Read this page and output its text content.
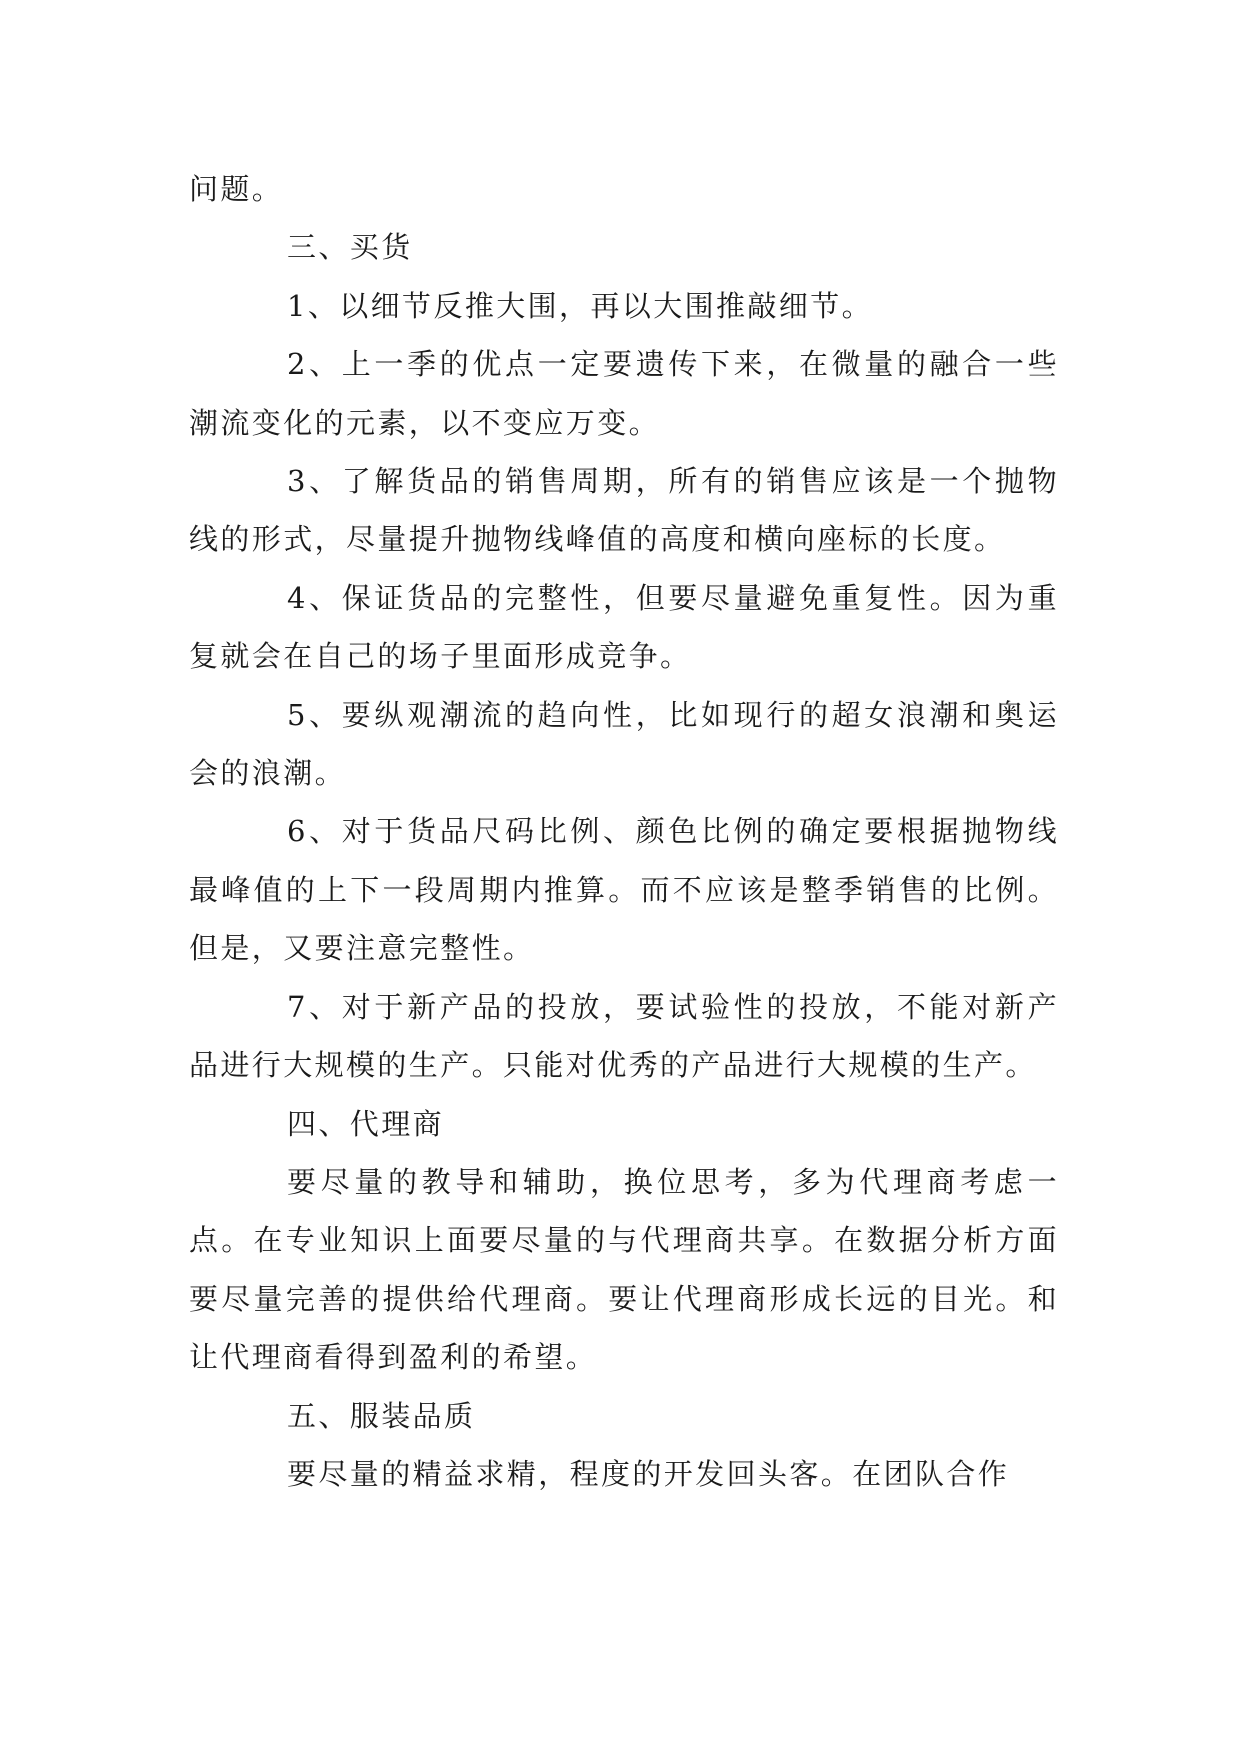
问题。

三、买货

1、以细节反推大围，再以大围推敲细节。

2、上一季的优点一定要遗传下来，在微量的融合一些潮流变化的元素，以不变应万变。

3、了解货品的销售周期，所有的销售应该是一个抛物线的形式，尽量提升抛物线峰值的高度和横向座标的长度。

4、保证货品的完整性，但要尽量避免重复性。因为重复就会在自己的场子里面形成竞争。

5、要纵观潮流的趋向性，比如现行的超女浪潮和奥运会的浪潮。

6、对于货品尺码比例、颜色比例的确定要根据抛物线最峰值的上下一段周期内推算。而不应该是整季销售的比例。但是，又要注意完整性。

7、对于新产品的投放，要试验性的投放，不能对新产品进行大规模的生产。只能对优秀的产品进行大规模的生产。

四、代理商

要尽量的教导和辅助，换位思考，多为代理商考虑一点。在专业知识上面要尽量的与代理商共享。在数据分析方面要尽量完善的提供给代理商。要让代理商形成长远的目光。和让代理商看得到盈利的希望。

五、服装品质

要尽量的精益求精，程度的开发回头客。在团队合作
